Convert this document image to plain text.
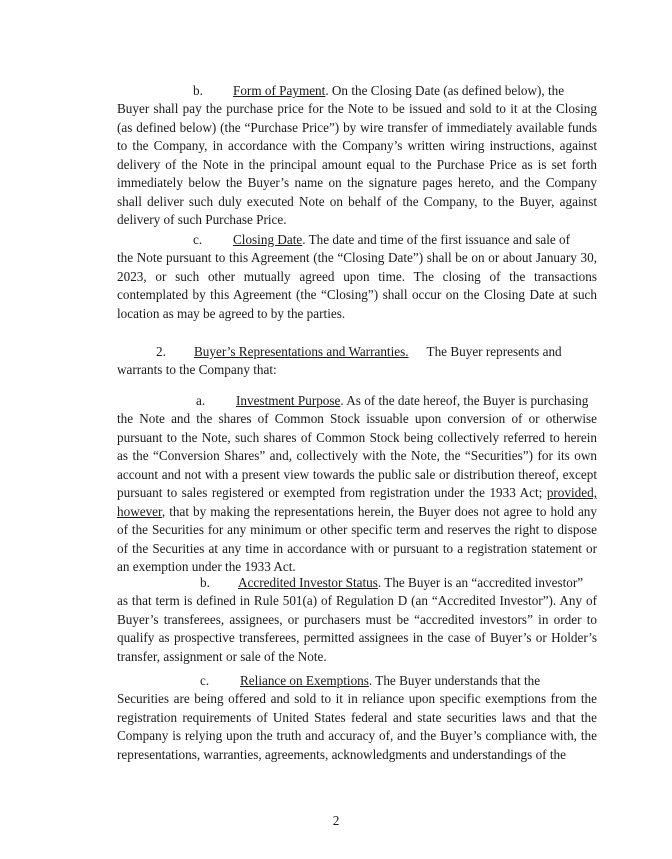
b. Form of Payment. On the Closing Date (as defined below), the
Buyer shall pay the purchase price for the Note to be issued and sold to it at the Closing (as defined below) (the “Purchase Price”) by wire transfer of immediately available funds to the Company, in accordance with the Company’s written wiring instructions, against delivery of the Note in the principal amount equal to the Purchase Price as is set forth immediately below the Buyer’s name on the signature pages hereto, and the Company shall deliver such duly executed Note on behalf of the Company, to the Buyer, against delivery of such Purchase Price.
c. Closing Date. The date and time of the first issuance and sale of
the Note pursuant to this Agreement (the “Closing Date”) shall be on or about January 30, 2023, or such other mutually agreed upon time. The closing of the transactions contemplated by this Agreement (the “Closing”) shall occur on the Closing Date at such location as may be agreed to by the parties.
2. Buyer’s Representations and Warranties. The Buyer represents and
warrants to the Company that:
a. Investment Purpose. As of the date hereof, the Buyer is purchasing
the Note and the shares of Common Stock issuable upon conversion of or otherwise pursuant to the Note, such shares of Common Stock being collectively referred to herein as the “Conversion Shares” and, collectively with the Note, the “Securities”) for its own account and not with a present view towards the public sale or distribution thereof, except pursuant to sales registered or exempted from registration under the 1933 Act; provided, however, that by making the representations herein, the Buyer does not agree to hold any of the Securities for any minimum or other specific term and reserves the right to dispose of the Securities at any time in accordance with or pursuant to a registration statement or an exemption under the 1933 Act.
b. Accredited Investor Status. The Buyer is an “accredited investor”
as that term is defined in Rule 501(a) of Regulation D (an “Accredited Investor”). Any of Buyer’s transferees, assignees, or purchasers must be “accredited investors” in order to qualify as prospective transferees, permitted assignees in the case of Buyer’s or Holder’s transfer, assignment or sale of the Note.
c. Reliance on Exemptions. The Buyer understands that the
Securities are being offered and sold to it in reliance upon specific exemptions from the registration requirements of United States federal and state securities laws and that the Company is relying upon the truth and accuracy of, and the Buyer’s compliance with, the representations, warranties, agreements, acknowledgments and understandings of the
2
